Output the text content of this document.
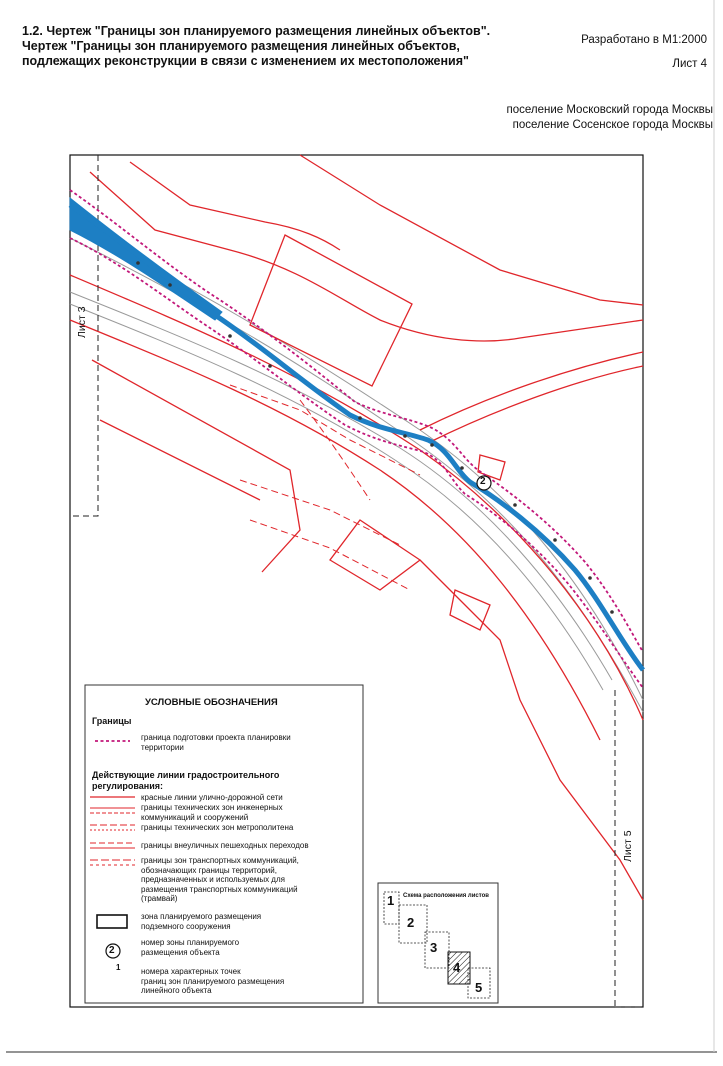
1.2. Чертеж "Границы зон планируемого размещения линейных объектов".
Чертеж "Границы зон планируемого размещения линейных объектов,
подлежащих реконструкции в связи с изменением их местоположения"
Разработано в М1:2000
Лист 4
поселение Московский города Москвы
поселение Сосенское города Москвы
Лист 3
Лист 5
2
УСЛОВНЫЕ ОБОЗНАЧЕНИЯ
Границы
граница подготовки проекта планировки
территории
Действующие линии градостроительного
регулирования:
красные линии улично-дорожной сети
границы технических зон инженерных
коммуникаций и сооружений
границы технических зон метрополитена
границы внеуличных пешеходных переходов
границы зон транспортных коммуникаций,
обозначающих границы территорий,
предназначенных и используемых для
размещения транспортных коммуникаций
(трамвай)
зона планируемого размещения
подземного сооружения
2
номер зоны планируемого
размещения объекта
1	номера характерных точек
границ зон планируемого размещения
линейного объекта
Схема расположения листов
1
2
3
4
5
